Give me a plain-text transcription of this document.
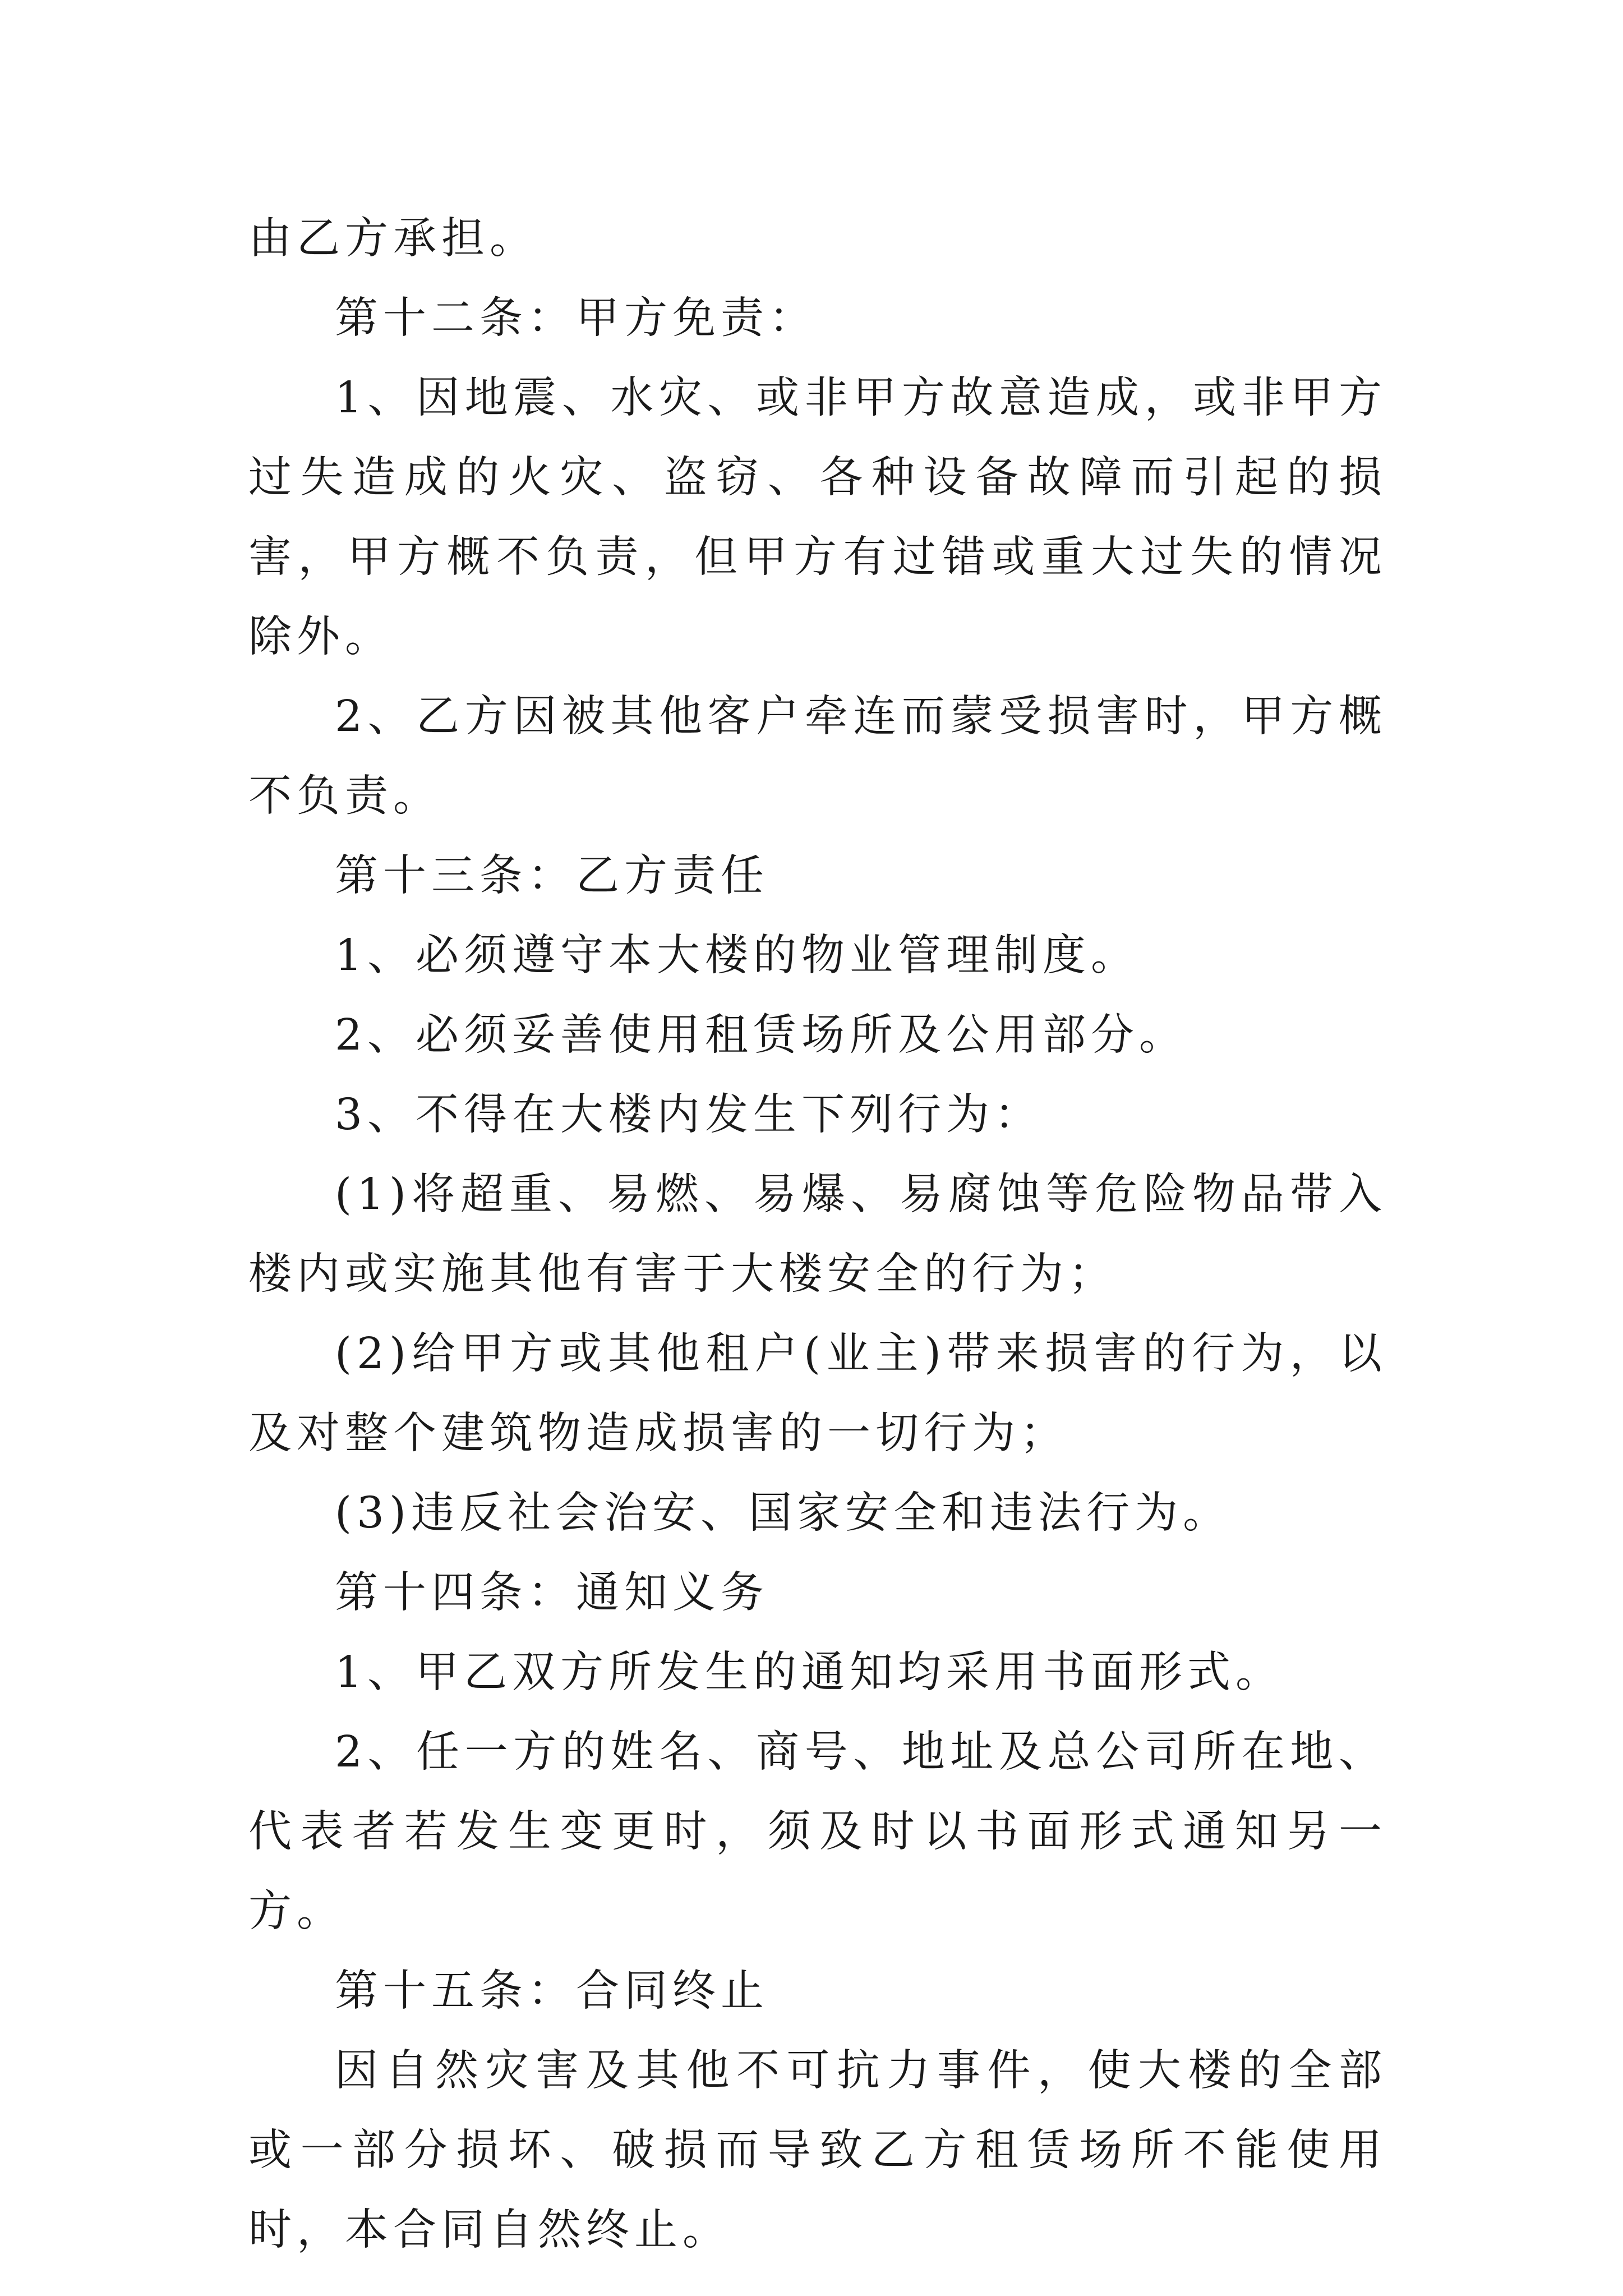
由乙方承担。

第十二条：甲方免责：

1、因地震、水灾、或非甲方故意造成，或非甲方过失造成的火灾、盗窃、各种设备故障而引起的损害，甲方概不负责，但甲方有过错或重大过失的情况除外。

2、乙方因被其他客户牵连而蒙受损害时，甲方概不负责。

第十三条：乙方责任

1、必须遵守本大楼的物业管理制度。

2、必须妥善使用租赁场所及公用部分。

3、不得在大楼内发生下列行为：

(1)将超重、易燃、易爆、易腐蚀等危险物品带入楼内或实施其他有害于大楼安全的行为；

(2)给甲方或其他租户(业主)带来损害的行为，以及对整个建筑物造成损害的一切行为；

(3)违反社会治安、国家安全和违法行为。

第十四条：通知义务

1、甲乙双方所发生的通知均采用书面形式。

2、任一方的姓名、商号、地址及总公司所在地、代表者若发生变更时，须及时以书面形式通知另一方。

第十五条：合同终止

因自然灾害及其他不可抗力事件，使大楼的全部或一部分损坏、破损而导致乙方租赁场所不能使用时，本合同自然终止。
